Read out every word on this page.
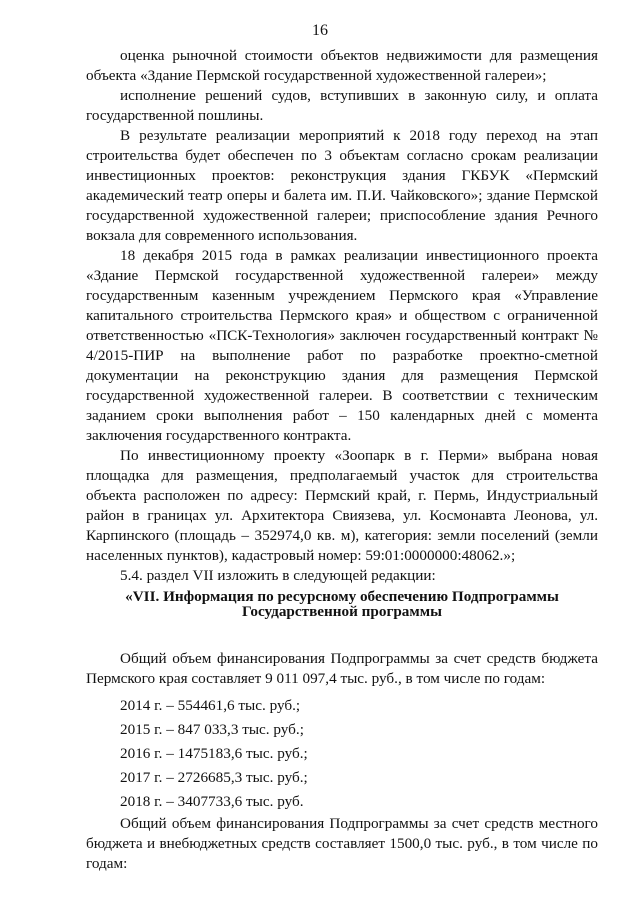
16

оценка рыночной стоимости объектов недвижимости для размещения объекта «Здание Пермской государственной художественной галереи»;

исполнение решений судов, вступивших в законную силу, и оплата государственной пошлины.

В результате реализации мероприятий к 2018 году переход на этап строительства будет обеспечен по 3 объектам согласно срокам реализации инвестиционных проектов: реконструкция здания ГКБУК «Пермский академический театр оперы и балета им. П.И. Чайковского»; здание Пермской государственной художественной галереи; приспособление здания Речного вокзала для современного использования.

18 декабря 2015 года в рамках реализации инвестиционного проекта «Здание Пермской государственной художественной галереи» между государственным казенным учреждением Пермского края «Управление капитального строительства Пермского края» и обществом с ограниченной ответственностью «ПСК-Технология» заключен государственный контракт № 4/2015-ПИР на выполнение работ по разработке проектно-сметной документации на реконструкцию здания для размещения Пермской государственной художественной галереи. В соответствии с техническим заданием сроки выполнения работ – 150 календарных дней с момента заключения государственного контракта.

По инвестиционному проекту «Зоопарк в г. Перми» выбрана новая площадка для размещения, предполагаемый участок для строительства объекта расположен по адресу: Пермский край, г. Пермь, Индустриальный район в границах ул. Архитектора Свиязева, ул. Космонавта Леонова, ул. Карпинского (площадь – 352974,0 кв. м), категория: земли поселений (земли населенных пунктов), кадастровый номер: 59:01:0000000:48062.»;

5.4. раздел VII изложить в следующей редакции:

«VII. Информация по ресурсному обеспечению Подпрограммы
Государственной программы

Общий объем финансирования Подпрограммы за счет средств бюджета Пермского края составляет 9 011 097,4 тыс. руб., в том числе по годам:

2014 г. – 554461,6 тыс. руб.;

2015 г. – 847 033,3 тыс. руб.;

2016 г. – 1475183,6 тыс. руб.;

2017 г. – 2726685,3 тыс. руб.;

2018 г. – 3407733,6 тыс. руб.

Общий объем финансирования Подпрограммы за счет средств местного бюджета и внебюджетных средств составляет 1500,0 тыс. руб., в том числе по годам:
